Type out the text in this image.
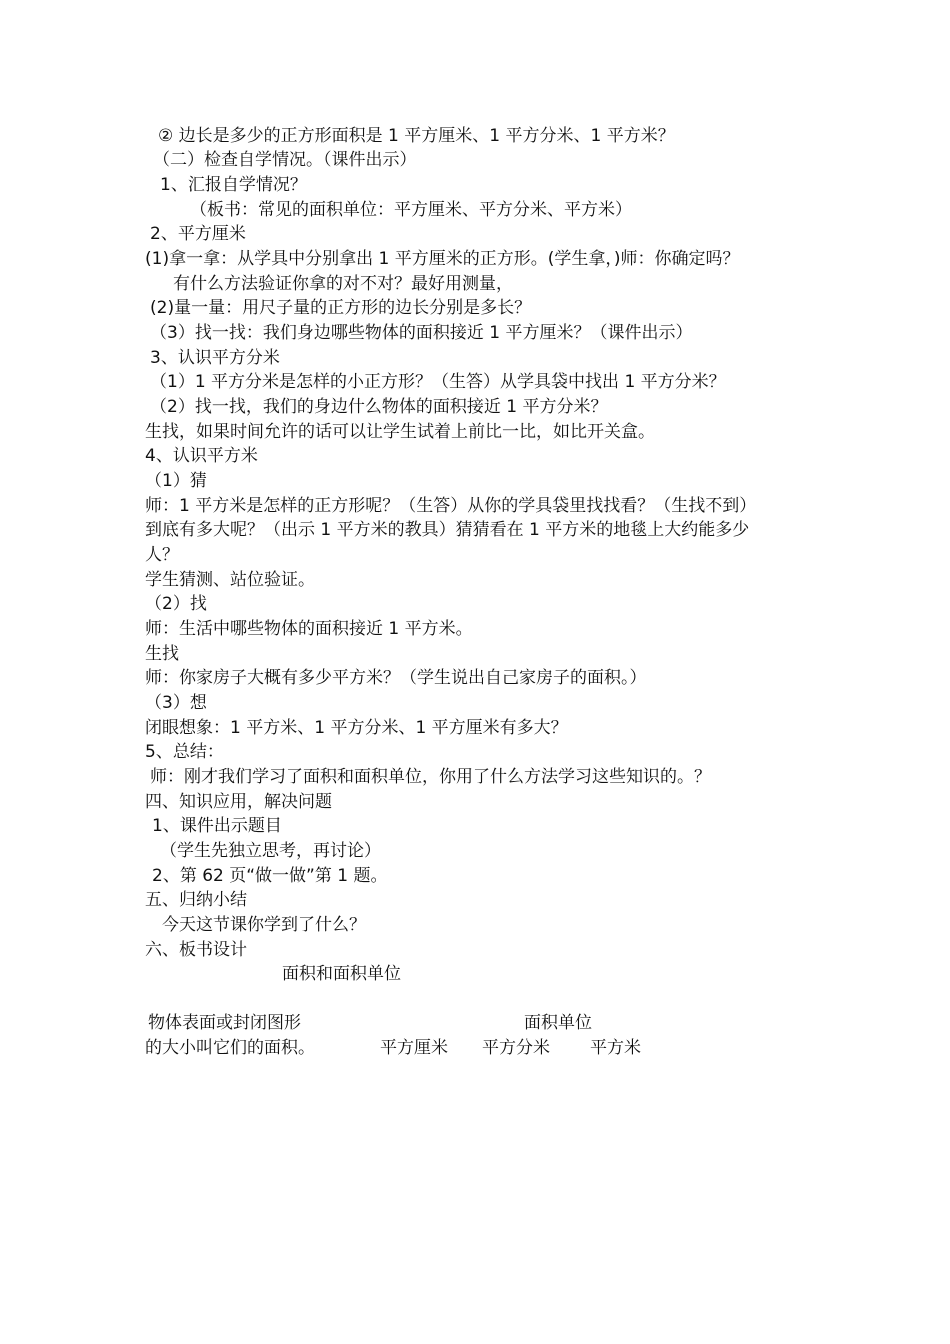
② 边长是多少的正方形面积是 1 平方厘米、1 平方分米、1 平方米？
（二）检查自学情况。（课件出示）
1、汇报自学情况？
（板书：常见的面积单位：平方厘米、平方分米、平方米）
2、平方厘米
(1)拿一拿：从学具中分别拿出 1 平方厘米的正方形。(学生拿，)师：你确定吗？
有什么方法验证你拿的对不对？最好用测量，
(2)量一量：用尺子量的正方形的边长分别是多长？
（3）找一找：我们身边哪些物体的面积接近 1 平方厘米？（课件出示）
3、认识平方分米
（1）1 平方分米是怎样的小正方形？（生答）从学具袋中找出 1 平方分米？
（2）找一找，我们的身边什么物体的面积接近 1 平方分米？
生找，如果时间允许的话可以让学生试着上前比一比，如比开关盒。
4、认识平方米
（1）猜
师：1 平方米是怎样的正方形呢？（生答）从你的学具袋里找找看？（生找不到）
到底有多大呢？（出示 1 平方米的教具）猜猜看在 1 平方米的地毯上大约能多少
人？
学生猜测、站位验证。
（2）找
师：生活中哪些物体的面积接近 1 平方米。
生找
师：你家房子大概有多少平方米？（学生说出自己家房子的面积。）
（3）想
闭眼想象：1 平方米、1 平方分米、1 平方厘米有多大？
5、总结：
师：刚才我们学习了面积和面积单位，你用了什么方法学习这些知识的。？
四、知识应用，解决问题
1、课件出示题目
（学生先独立思考，再讨论）
2、第 62 页“做一做”第 1 题。
五、归纳小结
今天这节课你学到了什么？
六、板书设计
面积和面积单位
物体表面或封闭图形	面积单位
的大小叫它们的面积。	平方厘米 平方分米 平方米
